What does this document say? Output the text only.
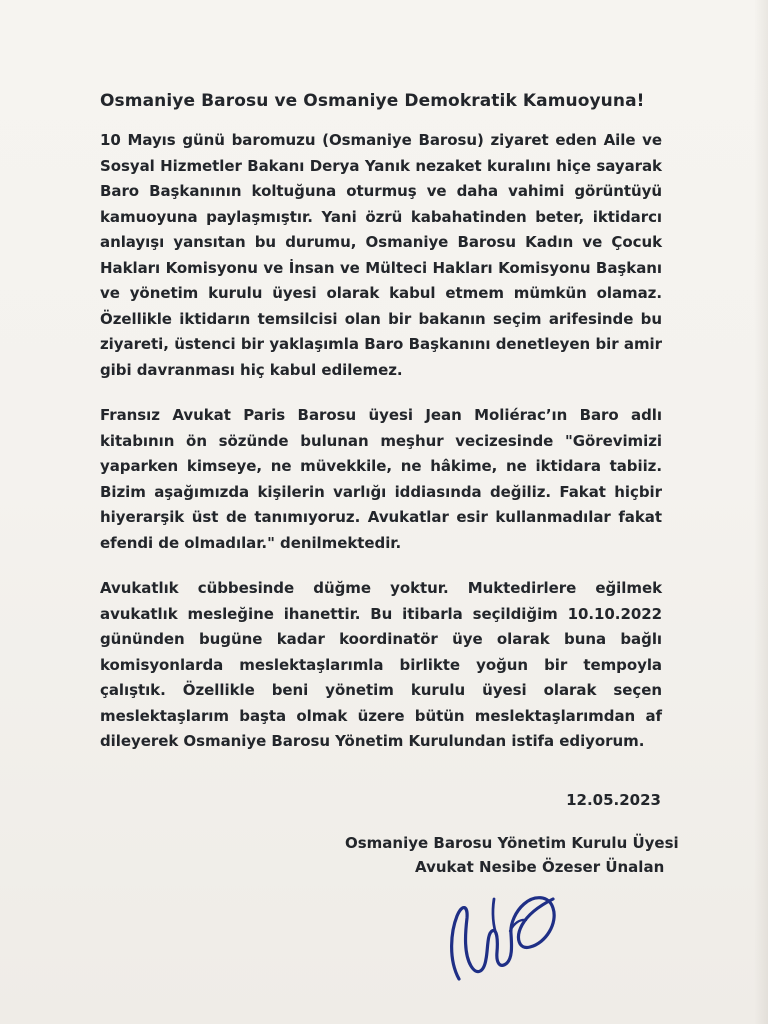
Osmaniye Barosu ve Osmaniye Demokratik Kamuoyuna!

10 Mayıs günü baromuzu (Osmaniye Barosu) ziyaret eden Aile ve Sosyal Hizmetler Bakanı Derya Yanık nezaket kuralını hiçe sayarak Baro Başkanının koltuğuna oturmuş ve daha vahimi görüntüyü kamuoyuna paylaşmıştır. Yani özrü kabahatinden beter, iktidarcı anlayışı yansıtan bu durumu, Osmaniye Barosu Kadın ve Çocuk Hakları Komisyonu ve İnsan ve Mülteci Hakları Komisyonu Başkanı ve yönetim kurulu üyesi olarak kabul etmem mümkün olamaz. Özellikle iktidarın temsilcisi olan bir bakanın seçim arifesinde bu ziyareti, üstenci bir yaklaşımla Baro Başkanını denetleyen bir amir gibi davranması hiç kabul edilemez.

Fransız Avukat Paris Barosu üyesi Jean Moliérac’ın Baro adlı kitabının ön sözünde bulunan meşhur vecizesinde "Görevimizi yaparken kimseye, ne müvekkile, ne hâkime, ne iktidara tabiiz. Bizim aşağımızda kişilerin varlığı iddiasında değiliz. Fakat hiçbir hiyerarşik üst de tanımıyoruz. Avukatlar esir kullanmadılar fakat efendi de olmadılar." denilmektedir.

Avukatlık cübbesinde düğme yoktur. Muktedirlere eğilmek avukatlık mesleğine ihanettir. Bu itibarla seçildiğim 10.10.2022 gününden bugüne kadar koordinatör üye olarak buna bağlı komisyonlarda meslektaşlarımla birlikte yoğun bir tempoyla çalıştık. Özellikle beni yönetim kurulu üyesi olarak seçen meslektaşlarım başta olmak üzere bütün meslektaşlarımdan af dileyerek Osmaniye Barosu Yönetim Kurulundan istifa ediyorum.

12.05.2023
Osmaniye Barosu Yönetim Kurulu Üyesi
Avukat Nesibe Özeser Ünalan
